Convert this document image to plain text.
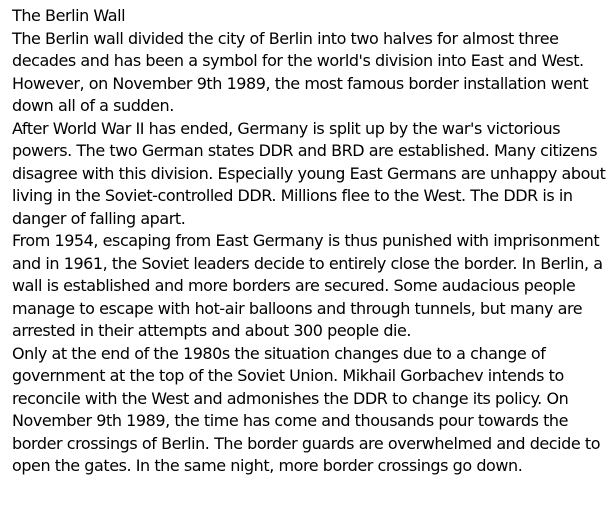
The Berlin Wall

The Berlin wall divided the city of Berlin into two halves for almost three decades and has been a symbol for the world's division into East and West. However, on November 9th 1989, the most famous border installation went down all of a sudden.

After World War II has ended, Germany is split up by the war's victorious powers. The two German states DDR and BRD are established. Many citizens disagree with this division. Especially young East Germans are unhappy about living in the Soviet-controlled DDR. Millions flee to the West. The DDR is in danger of falling apart.

From 1954, escaping from East Germany is thus punished with imprisonment and in 1961, the Soviet leaders decide to entirely close the border. In Berlin, a wall is established and more borders are secured. Some audacious people manage to escape with hot-air balloons and through tunnels, but many are arrested in their attempts and about 300 people die.

Only at the end of the 1980s the situation changes due to a change of government at the top of the Soviet Union. Mikhail Gorbachev intends to reconcile with the West and admonishes the DDR to change its policy. On November 9th 1989, the time has come and thousands pour towards the border crossings of Berlin. The border guards are overwhelmed and decide to open the gates. In the same night, more border crossings go down.
